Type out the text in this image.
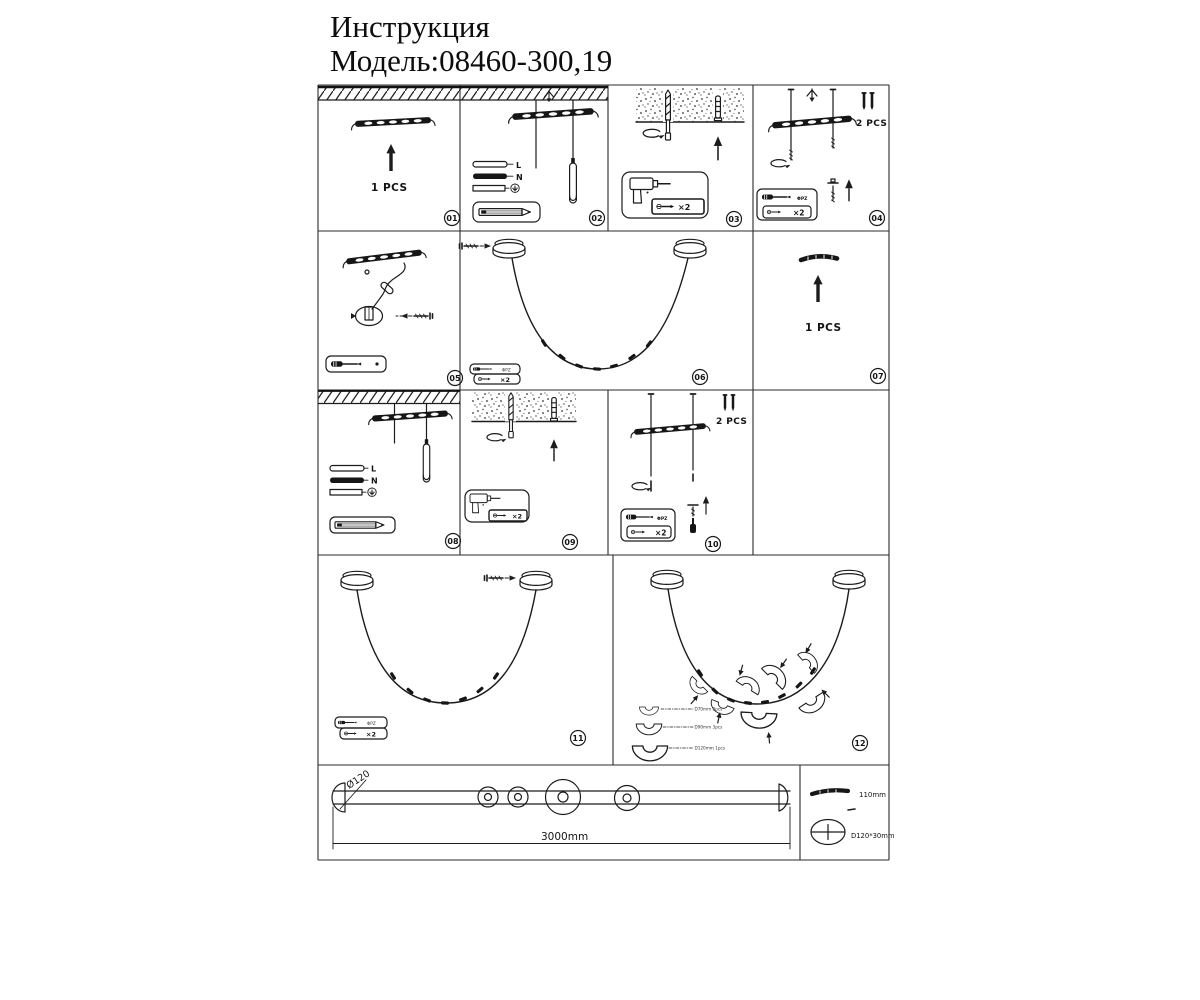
Инструкция
Модель:08460-300,19
1 PCS
01
L
N
02
×2
03
2 PCS
ΦPZ
×2
04
05
ΦPZ
×2	06
1 PCS
07
L
N
08
×2
09
2 PCS
ΦPZ
×2
10
ΦPZ
×2	11
D70mm 3pcs
D90mm 3pcs
D120mm 1pcs	12
Ø120
3000mm
110mm
D120*30mm
